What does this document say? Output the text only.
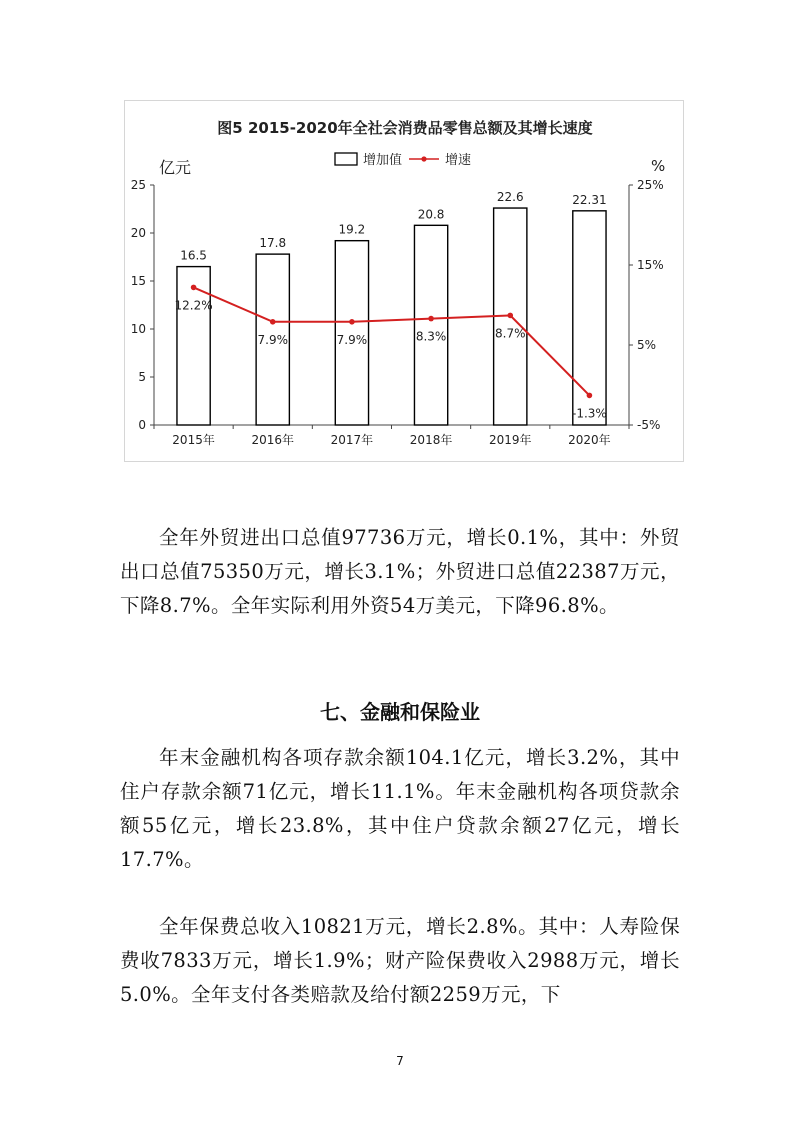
图5 2015-2020年全社会消费品零售总额及其增长速度
增加值	增速
亿元	%
0
5
10
15
20
25
-5%
5%
15%
25%
16.5
2015年
17.8
2016年
19.2
2017年
20.8
2018年
22.6
2019年
22.31
2020年
12.2%
7.9%	7.9%	8.3%	8.7%
-1.3%

全年外贸进出口总值97736万元，增长0.1%，其中：外贸出口总值75350万元，增长3.1%；外贸进口总值22387万元，下降8.7%。全年实际利用外资54万美元，下降96.8%。

七、金融和保险业

年末金融机构各项存款余额104.1亿元，增长3.2%，其中住户存款余额71亿元，增长11.1%。年末金融机构各项贷款余额55亿元，增长23.8%，其中住户贷款余额27亿元，增长17.7%。

全年保费总收入10821万元，增长2.8%。其中：人寿险保费收7833万元，增长1.9%；财产险保费收入2988万元，增长5.0%。全年支付各类赔款及给付额2259万元，下

7
